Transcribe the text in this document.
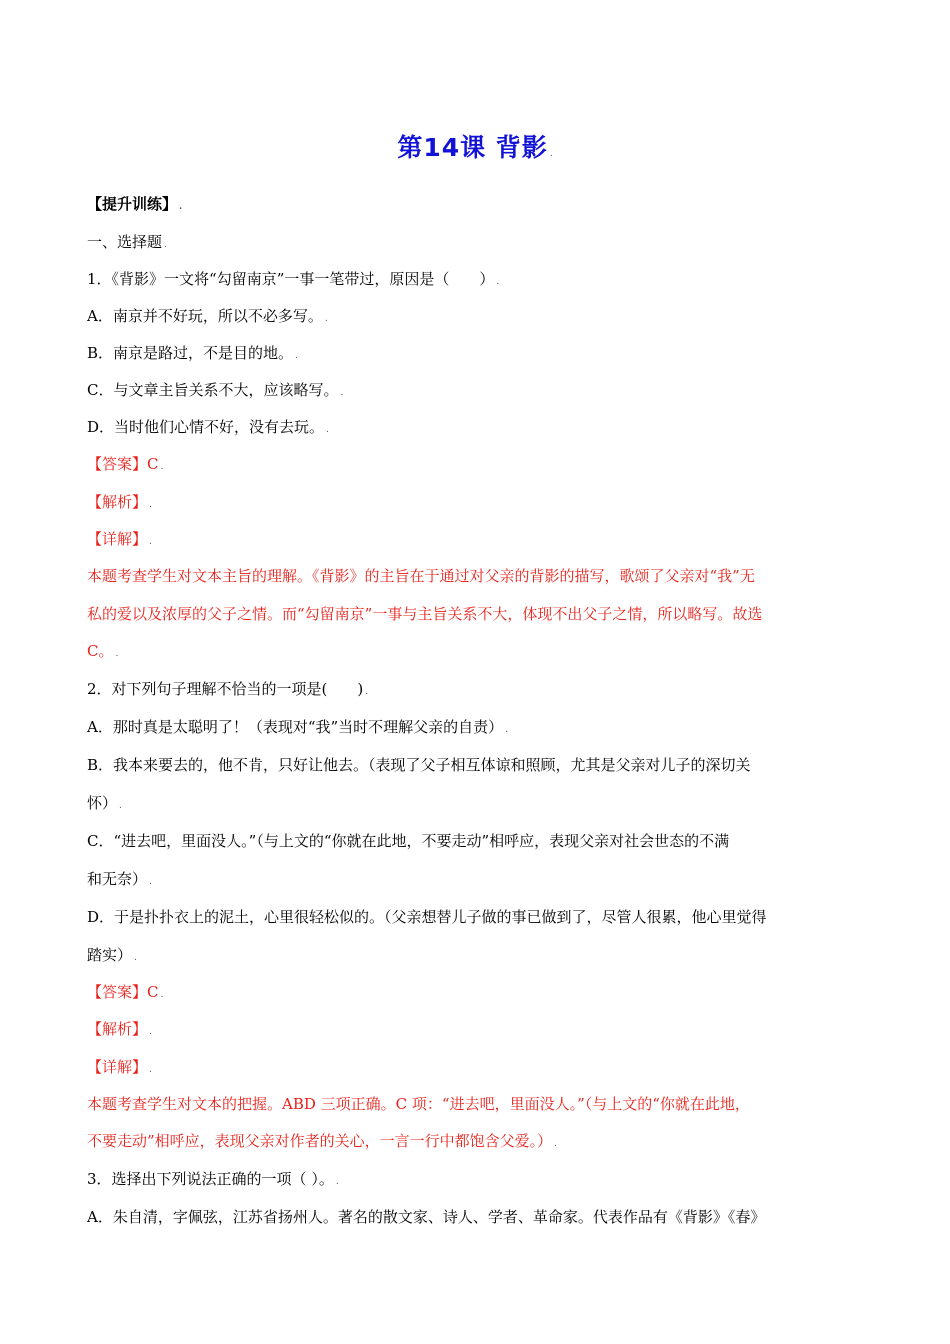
第14课 背影 .
【提升训练】 .
一、选择题 .
1．《背影》一文将“勾留南京”一事一笔带过，原因是（　　） .
A．南京并不好玩，所以不必多写。 .
B．南京是路过，不是目的地。 .
C．与文章主旨关系不大，应该略写。 .
D．当时他们心情不好，没有去玩。 .
【答案】C .
【解析】 .
【详解】 .
本题考查学生对文本主旨的理解。《背影》的主旨在于通过对父亲的背影的描写，歌颂了父亲对“我”无
私的爱以及浓厚的父子之情。而“勾留南京”一事与主旨关系不大，体现不出父子之情，所以略写。故选
C。 .
2．对下列句子理解不恰当的一项是(　　) .
A．那时真是太聪明了！（表现对“我”当时不理解父亲的自责） .
B．我本来要去的，他不肯，只好让他去。（表现了父子相互体谅和照顾，尤其是父亲对儿子的深切关
怀） .
C．“进去吧，里面没人。”（与上文的“你就在此地，不要走动”相呼应，表现父亲对社会世态的不满
和无奈） .
D．于是扑扑衣上的泥土，心里很轻松似的。（父亲想替儿子做的事已做到了，尽管人很累，他心里觉得
踏实） .
【答案】C .
【解析】 .
【详解】 .
本题考查学生对文本的把握。ABD 三项正确。C 项：“进去吧，里面没人。”（与上文的“你就在此地，
不要走动”相呼应，表现父亲对作者的关心，一言一行中都饱含父爱。） .
3．选择出下列说法正确的一项（ ）。 .
A．朱自清，字佩弦，江苏省扬州人。著名的散文家、诗人、学者、革命家。代表作品有《背影》《春》
